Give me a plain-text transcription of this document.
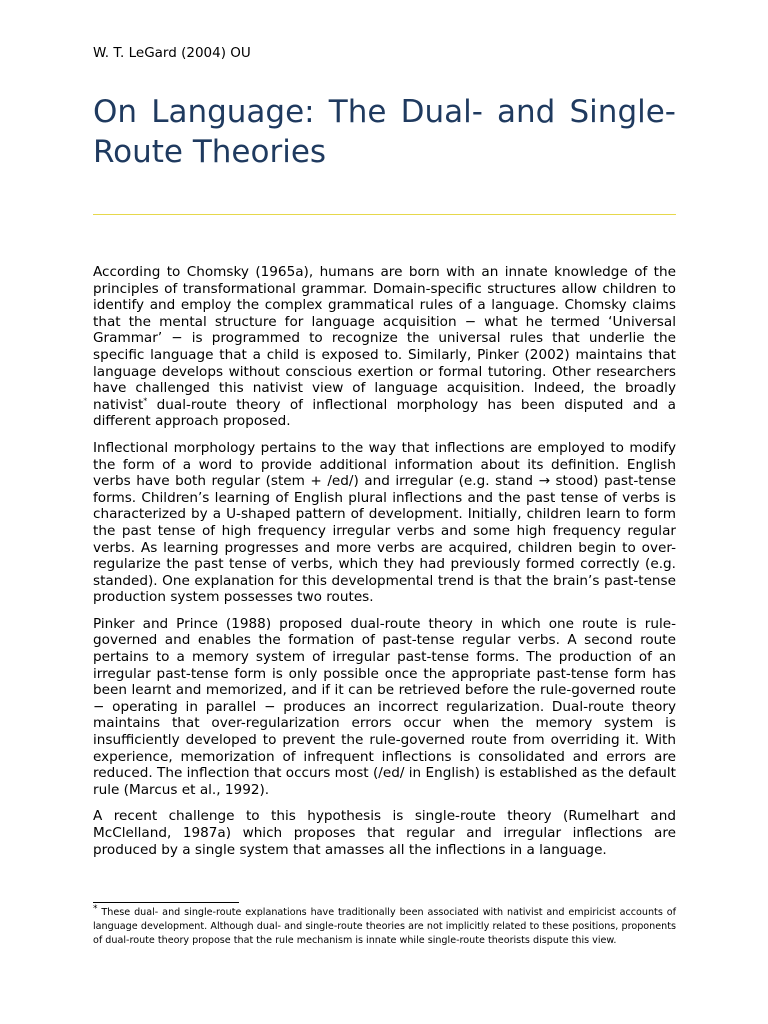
W. T. LeGard (2004) OU
On Language: The Dual- and Single-Route Theories

According to Chomsky (1965a), humans are born with an innate knowledge of the principles of transformational grammar. Domain-specific structures allow children to identify and employ the complex grammatical rules of a language. Chomsky claims that the mental structure for language acquisition − what he termed ‘Universal Grammar’ − is programmed to recognize the universal rules that underlie the specific language that a child is exposed to. Similarly, Pinker (2002) maintains that language develops without conscious exertion or formal tutoring. Other researchers have challenged this nativist view of language acquisition. Indeed, the broadly nativist* dual-route theory of inflectional morphology has been disputed and a different approach proposed.

Inflectional morphology pertains to the way that inflections are employed to modify the form of a word to provide additional information about its definition. English verbs have both regular (stem + /ed/) and irregular (e.g. stand → stood) past-tense forms. Children’s learning of English plural inflections and the past tense of verbs is characterized by a U-shaped pattern of development. Initially, children learn to form the past tense of high frequency irregular verbs and some high frequency regular verbs. As learning progresses and more verbs are acquired, children begin to over-regularize the past tense of verbs, which they had previously formed correctly (e.g. standed). One explanation for this developmental trend is that the brain’s past-tense production system possesses two routes.

Pinker and Prince (1988) proposed dual-route theory in which one route is rule-governed and enables the formation of past-tense regular verbs. A second route pertains to a memory system of irregular past-tense forms. The production of an irregular past-tense form is only possible once the appropriate past-tense form has been learnt and memorized, and if it can be retrieved before the rule-governed route − operating in parallel − produces an incorrect regularization. Dual-route theory maintains that over-regularization errors occur when the memory system is insufficiently developed to prevent the rule-governed route from overriding it. With experience, memorization of infrequent inflections is consolidated and errors are reduced. The inflection that occurs most (/ed/ in English) is established as the default rule (Marcus et al., 1992).

A recent challenge to this hypothesis is single-route theory (Rumelhart and McClelland, 1987a) which proposes that regular and irregular inflections are produced by a single system that amasses all the inflections in a language.

* These dual- and single-route explanations have traditionally been associated with nativist and empiricist accounts of language development. Although dual- and single-route theories are not implicitly related to these positions, proponents of dual-route theory propose that the rule mechanism is innate while single-route theorists dispute this view.
